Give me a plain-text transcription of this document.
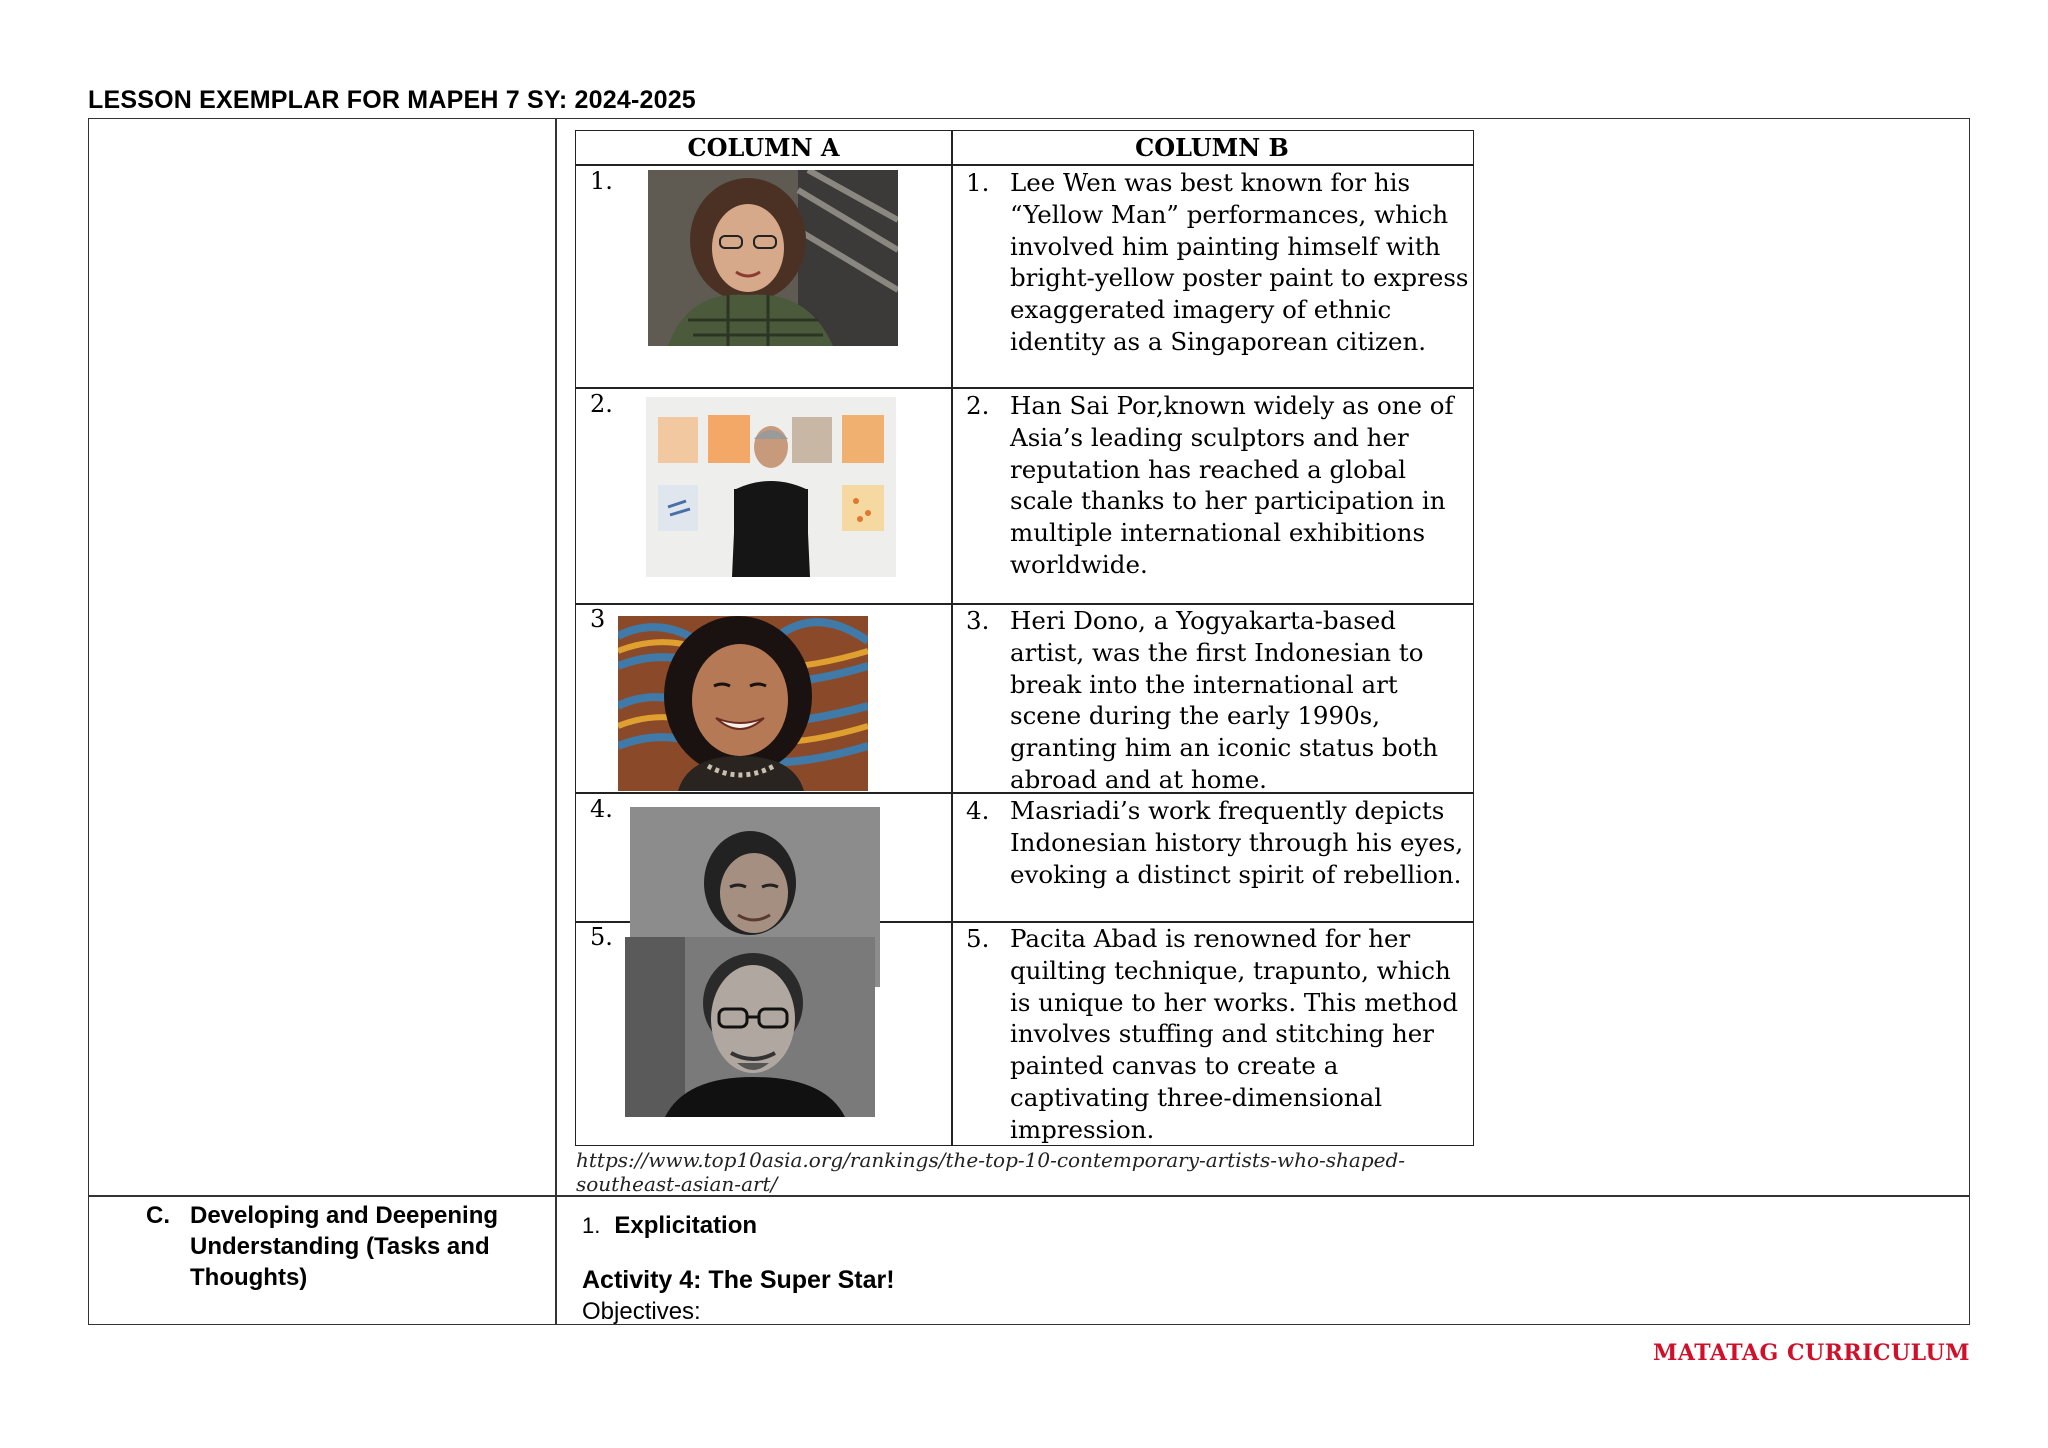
LESSON EXEMPLAR FOR MAPEH 7 SY: 2024-2025
COLUMN A	COLUMN B
1.	1. Lee Wen was best known for his “Yellow Man” performances, which involved him painting himself with bright-yellow poster paint to express exaggerated imagery of ethnic identity as a Singaporean citizen.
2.	2. Han Sai Por,known widely as one of Asia’s leading sculptors and her reputation has reached a global scale thanks to her participation in multiple international exhibitions worldwide.
3	3. Heri Dono, a Yogyakarta-based artist, was the first Indonesian to break into the international art scene during the early 1990s, granting him an iconic status both abroad and at home.
4.	4. Masriadi’s work frequently depicts Indonesian history through his eyes, evoking a distinct spirit of rebellion.
5.	5. Pacita Abad is renowned for her quilting technique, trapunto, which is unique to her works. This method involves stuffing and stitching her painted canvas to create a captivating three-dimensional impression.
https://www.top10asia.org/rankings/the-top-10-contemporary-artists-who-shaped-southeast-asian-art/
C. Developing and Deepening Understanding (Tasks and Thoughts)
1. Explicitation
Activity 4: The Super Star!
Objectives:
MATATAG CURRICULUM
